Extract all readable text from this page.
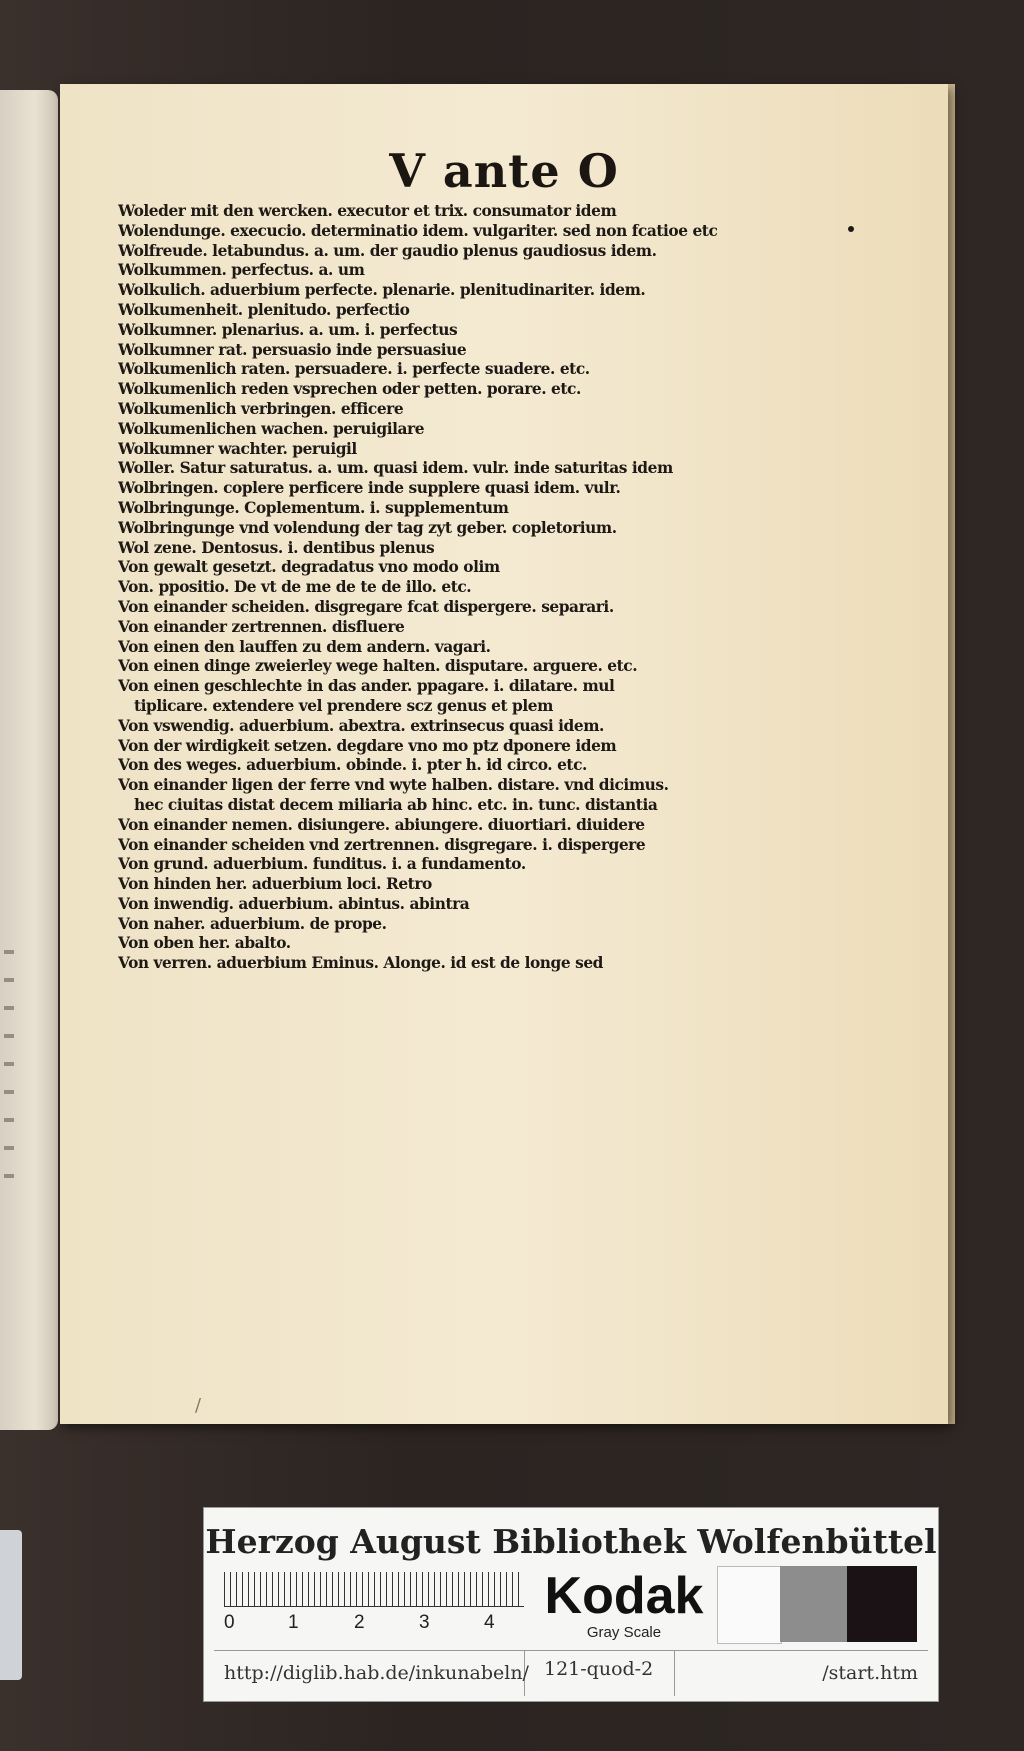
V ante O
Woleder mit den wercken. executor et trix. consumator idem
Wolendunge. execucio. determinatio idem. vulgariter. sed non fcatioe etc
Wolfreude. letabundus. a. um. der gaudio plenus gaudiosus idem.
Wolkummen. perfectus. a. um
Wolkulich. aduerbium perfecte. plenarie. plenitudinariter. idem.
Wolkumenheit. plenitudo. perfectio
Wolkumner. plenarius. a. um. i. perfectus
Wolkumner rat. persuasio inde persuasiue
Wolkumenlich raten. persuadere. i. perfecte suadere. etc.
Wolkumenlich reden vsprechen oder petten. porare. etc.
Wolkumenlich verbringen. efficere
Wolkumenlichen wachen. peruigilare
Wolkumner wachter. peruigil
Woller. Satur saturatus. a. um. quasi idem. vulr. inde saturitas idem
Wolbringen. coplere perficere inde supplere quasi idem. vulr.
Wolbringunge. Coplementum. i. supplementum
Wolbringunge vnd volendung der tag zyt geber. copletorium.
Wol zene. Dentosus. i. dentibus plenus
Von gewalt gesetzt. degradatus vno modo olim
Von. ppositio. De vt de me de te de illo. etc.
Von einander scheiden. disgregare fcat dispergere. separari.
Von einander zertrennen. disfluere
Von einen den lauffen zu dem andern. vagari.
Von einen dinge zweierley wege halten. disputare. arguere. etc.
Von einen geschlechte in das ander. ppagare. i. dilatare. mul
tiplicare. extendere vel prendere scz genus et plem
Von vswendig. aduerbium. abextra. extrinsecus quasi idem.
Von der wirdigkeit setzen. degdare vno mo ptz dponere idem
Von des weges. aduerbium. obinde. i. pter h. id circo. etc.
Von einander ligen der ferre vnd wyte halben. distare. vnd dicimus.
hec ciuitas distat decem miliaria ab hinc. etc. in. tunc. distantia
Von einander nemen. disiungere. abiungere. diuortiari. diuidere
Von einander scheiden vnd zertrennen. disgregare. i. dispergere
Von grund. aduerbium. funditus. i. a fundamento.
Von hinden her. aduerbium loci. Retro
Von inwendig. aduerbium. abintus. abintra
Von naher. aduerbium. de prope.
Von oben her. abalto.
Von verren. aduerbium Eminus. Alonge. id est de longe sed
/
Herzog August Bibliothek Wolfenbüttel
0	1	2	3	4 Kodak
Gray Scale
http://diglib.hab.de/inkunabeln/ 121-quod-2	/start.htm
